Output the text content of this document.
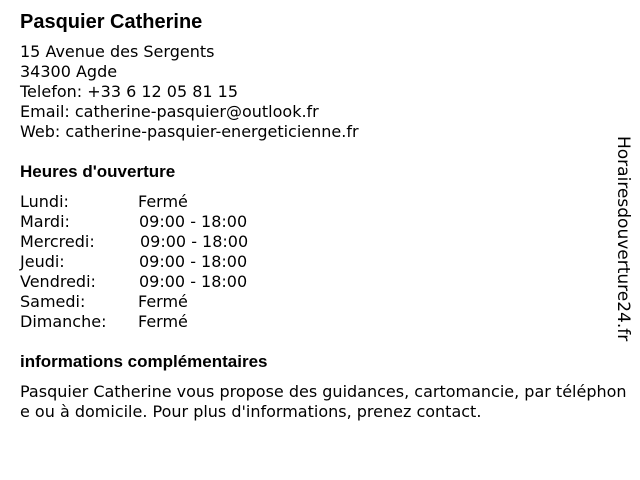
Pasquier Catherine
15 Avenue des Sergents
34300 Agde
Telefon: +33 6 12 05 81 15
Email: catherine-pasquier@outlook.fr
Web: catherine-pasquier-energeticienne.fr
Heures d'ouverture
Lundi:	Fermé
Mardi:	09:00 - 18:00
Mercredi:	09:00 - 18:00
Jeudi:	09:00 - 18:00
Vendredi:	09:00 - 18:00
Samedi:	Fermé
Dimanche: Fermé
informations complémentaires
Pasquier Catherine vous propose des guidances, cartomancie, par téléphone ou à domicile. Pour plus d'informations, prenez contact.
Horairesdouverture24.fr
